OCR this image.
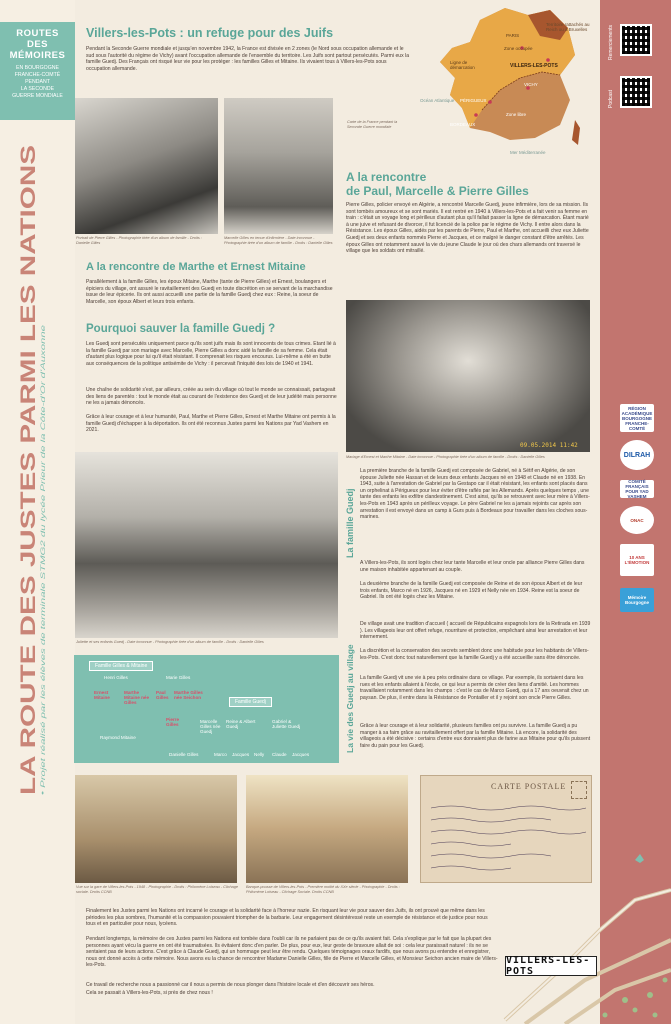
ROUTES
DES
MÉMOIRES
EN BOURGOGNE
FRANCHE-COMTÉ
PENDANT
LA SECONDE
GUERRE MONDIALE
LA ROUTE DES JUSTES PARMI LES NATIONS • Projet réalisé par les élèves de terminale STMG2 du lycée Prieur de la Côte-d'Or d'Auxonne
Remerciements
Podcast
RÉGION ACADÉMIQUE BOURGOGNE FRANCHE-COMTÉ
DILRAH
COMITÉ FRANÇAIS POUR YAD VASHEM
ONAC
10 ANS L'ÉMOTION
Mémoire Bourgogne
Villers-les-Pots : un refuge pour des Juifs
Pendant la Seconde Guerre mondiale et jusqu'en novembre 1942, la France est divisée en 2 zones (le Nord sous occupation allemande et le sud sous l'autorité du régime de Vichy) avant l'occupation allemande de l'ensemble du territoire. Les Juifs sont partout persécutés. Parmi eux la famille Guedj. Des Français ont risqué leur vie pour les protéger : les familles Gilles et Mitaine. Ils vivaient tous à Villers-les-Pots sous occupation allemande.
Territoire rattachés au Reich ou à Bruxelles
PARIS
Zone occupée
Ligne de démarcation	VILLERS-LES-POTS
VICHY
PÉRIGUEUX
BORDEAUX
Zone libre
Océan Atlantique
Mer Méditerranée
Carte de la France pendant la Seconde Guerre mondiale
Portrait de Pierre Gilles - Photographie tirée d'un album de famille - Droits : Danielle Gilles
Marcelle Gilles en tenue d'infirmière - Date inconnue - Photographie tirée d'un album de famille - Droits : Danielle Gilles
A la rencontre
de Paul, Marcelle & Pierre Gilles
Pierre Gilles, policier envoyé en Algérie, a rencontré Marcelle Guedj, jeune infirmière, lors de sa mission. Ils sont tombés amoureux et se sont mariés. Il est rentré en 1940 à Villers-les-Pots et a fait venir sa femme en train : c'était un voyage long et périlleux d'autant plus qu'il fallait passer la ligne de démarcation. Étant marié à une juive et refusant de divorcer, il fut licencié de la police par le régime de Vichy. Il entre alors dans la Résistance. Les époux Gilles, aidés par les parents de Pierre, Paul et Marthe, ont accueilli chez eux Juliette Guedj et ses deux enfants nommés Pierre et Jacques, et ce malgré le danger constant d'être arrêtés. Les époux Gilles ont notamment sauvé la vie du jeune Claude le jour où des chars allemands ont traversé le village que les soldats ont mitraillé.
A la rencontre de Marthe et Ernest Mitaine
Parallèlement à la famille Gilles, les époux Mitaine, Marthe (tante de Pierre Gilles) et Ernest, boulangers et épiciers du village, ont assuré le ravitaillement des Guedj en toute discrétion en se servant de la marchandise issue de leur épicerie. Ils ont aussi accueilli une partie de la famille Guedj chez eux : Reine, la soeur de Marcelle, son époux Albert et leurs trois enfants.
09.05.2014 11:42
Mariage d'Ernest et Marthe Mitaine - Date inconnue - Photographie tirée d'un album de famille - Droits : Danielle Gilles
Pourquoi sauver la famille Guedj ?
Les Guedj sont persécutés uniquement parce qu'ils sont juifs mais ils sont innocents de tous crimes. Etant lié à la famille Guedj par son mariage avec Marcelle, Pierre Gilles a donc aidé la famille de sa femme. Cela était d'autant plus logique pour lui qu'il était résistant. Il comprenait les risques encourus. Lui-même a été en butte aux conséquences de la politique antisémite de Vichy : il percevait l'iniquité des lois de 1940 et 1941.
Une chaîne de solidarité s'est, par ailleurs, créée au sein du village où tout le monde se connaissait, partageait des liens de parentés : tout le monde était au courant de l'existence des Guedj et de leur judéité mais personne ne les a jamais dénoncés.
Grâce à leur courage et à leur humanité, Paul, Marthe et Pierre Gilles, Ernest et Marthe Mitaine ont permis à la famille Guedj d'échapper à la déportation. Ils ont été reconnus Justes parmi les Nations par Yad Vashem en 2021.
Juliette et ses enfants Guedj - Date inconnue - Photographie tirée d'un album de famille - Droits : Danielle Gilles
La famille Guedj
La première branche de la famille Guedj est composée de Gabriel, né à Sétif en Algérie, de son épouse Juliette née Hassan et de leurs deux enfants Jacques né en 1948 et Claude né en 1938. En 1943, suite à l'arrestation de Gabriel par la Gestapo car il était résistant, les enfants sont placés dans un orphelinat à Périgueux pour leur éviter d'être raflés par les Allemands. Après quelques temps , une tante des enfants les exfiltre clandestinement. C'est ainsi, qu'ils se retrouvent avec leur mère à Villers-les-Pots en 1943 après un périlleux voyage. Le père Gabriel ne les a jamais rejoints car après son arrestation il est envoyé dans un camp à Gurs puis à Bordeaux pour travailler dans les cloches sous-marines.
A Villers-les-Pots, ils sont logés chez leur tante Marcelle et leur oncle par alliance Pierre Gilles dans une maison inhabitée appartenant au couple.
La deuxième branche de la famille Guedj est composée de Reine et de son époux Albert et de leur trois enfants, Marco né en 1926, Jacques né en 1929 et Nelly née en 1934. Reine est la soeur de Gabriel. Ils ont été logés chez les Mitaine.
La vie des Guedj au village
De village avait une tradition d'accueil ( accueil de Républicains espagnols lors de la Retirada en 1939 ). Les villageois leur ont offert refuge, nourriture et protection, empêchant ainsi leur arrestation et leur internement.
La discrétion et la conservation des secrets semblent donc une habitude pour les habitants de Villers-les-Pots. C'est donc tout naturellement que la famille Guedj y a été accueillie sans être dénoncée.
La famille Guedj vit une vie à peu près ordinaire dans ce village. Par exemple, ils sortaient dans les rues et les enfants allaient à l'école, ce qui leur a permis de créer des liens d'amitié. Les hommes travaillaient notamment dans les champs : c'est le cas de Marco Guedj, qui a 17 ans oeuvrait chez un paysan. De plus, il entre dans la Résistance de Pontailler et il y rejoint son oncle Pierre Gilles.
Grâce à leur courage et à leur solidarité, plusieurs familles ont pu survivre. La famille Guedj a pu manger à sa faim grâce au ravitaillement offert par la famille Mitaine. Là encore, la solidarité des villageois a été décisive : certains d'entre eux donnaient plus de farine aux Mitaine pour qu'ils puissent faire du pain pour les Guedj.
Famille Gilles & Mitaine
Henri Gilles	Marie Gilles
Ernest Mitaine
Marthe Mitaine née Gilles
Paul Gilles
Marthe Gilles née Seichon
Pierre Gilles
Raymond Mitaine
Danielle Gilles
Famille Guedj
Marcelle Gilles née Guedj
Reine & Albert Guedj
Gabriel & Juliette Guedj
Marco Jacques Nelly Claude Jacques
Vue sur la gare de Villers-les-Pots - 1948 - Photographie - Droits : Philomène Loiseau - Clichage sociale. Droits CCNB
Banque-pousse de Villers-les-Pots - Première moitié du XXe siècle - Photographie - Droits : Philomène Loiseau - Clichage Sociale. Droits CCNB
CARTE POSTALE
Finalement les Justes parmi les Nations ont incarné le courage et la solidarité face à l'horreur nazie. En risquant leur vie pour sauver des Juifs, ils ont prouvé que même dans les périodes les plus sombres, l'humanité et la compassion pouvaient triompher de la barbarie. Leur engagement désintéressé reste un exemple de résistance et de justice pour nous tous et en particulier pour nous, lycéens.
Pendant longtemps, la mémoire de ces Justes parmi les Nations est tombée dans l'oubli car ils ne parlaient pas de ce qu'ils avaient fait. Cela s'explique par le fait que la plupart des personnes ayant vécu la guerre en ont été traumatisées. Ils évitaient donc d'en parler. De plus, pour eux, leur geste de bravoure allait de soi : cela leur paraissait naturel : ils ne se sentaient pas de leurs actions. C'est grâce à Claude Guedj, qui un hommage peut leur être rendu. Quelques témoignages oraux fardifs, que nous avons pu entendre et enregistrer, nous ont donné accès à cette mémoire. Nous avons eu la chance de rencontrer Madame Danielle Gilles, fille de Pierre et Marcelle Gilles, et Monsieur Seichon ancien maire de Villers-les-Pots.
Ce travail de recherche nous a passionné car il nous a permis de nous plonger dans l'histoire locale et d'en découvrir ses héros.
Cela se passait à Villers-les-Pots, si près de chez nous !
VILLERS-LES-POTS
